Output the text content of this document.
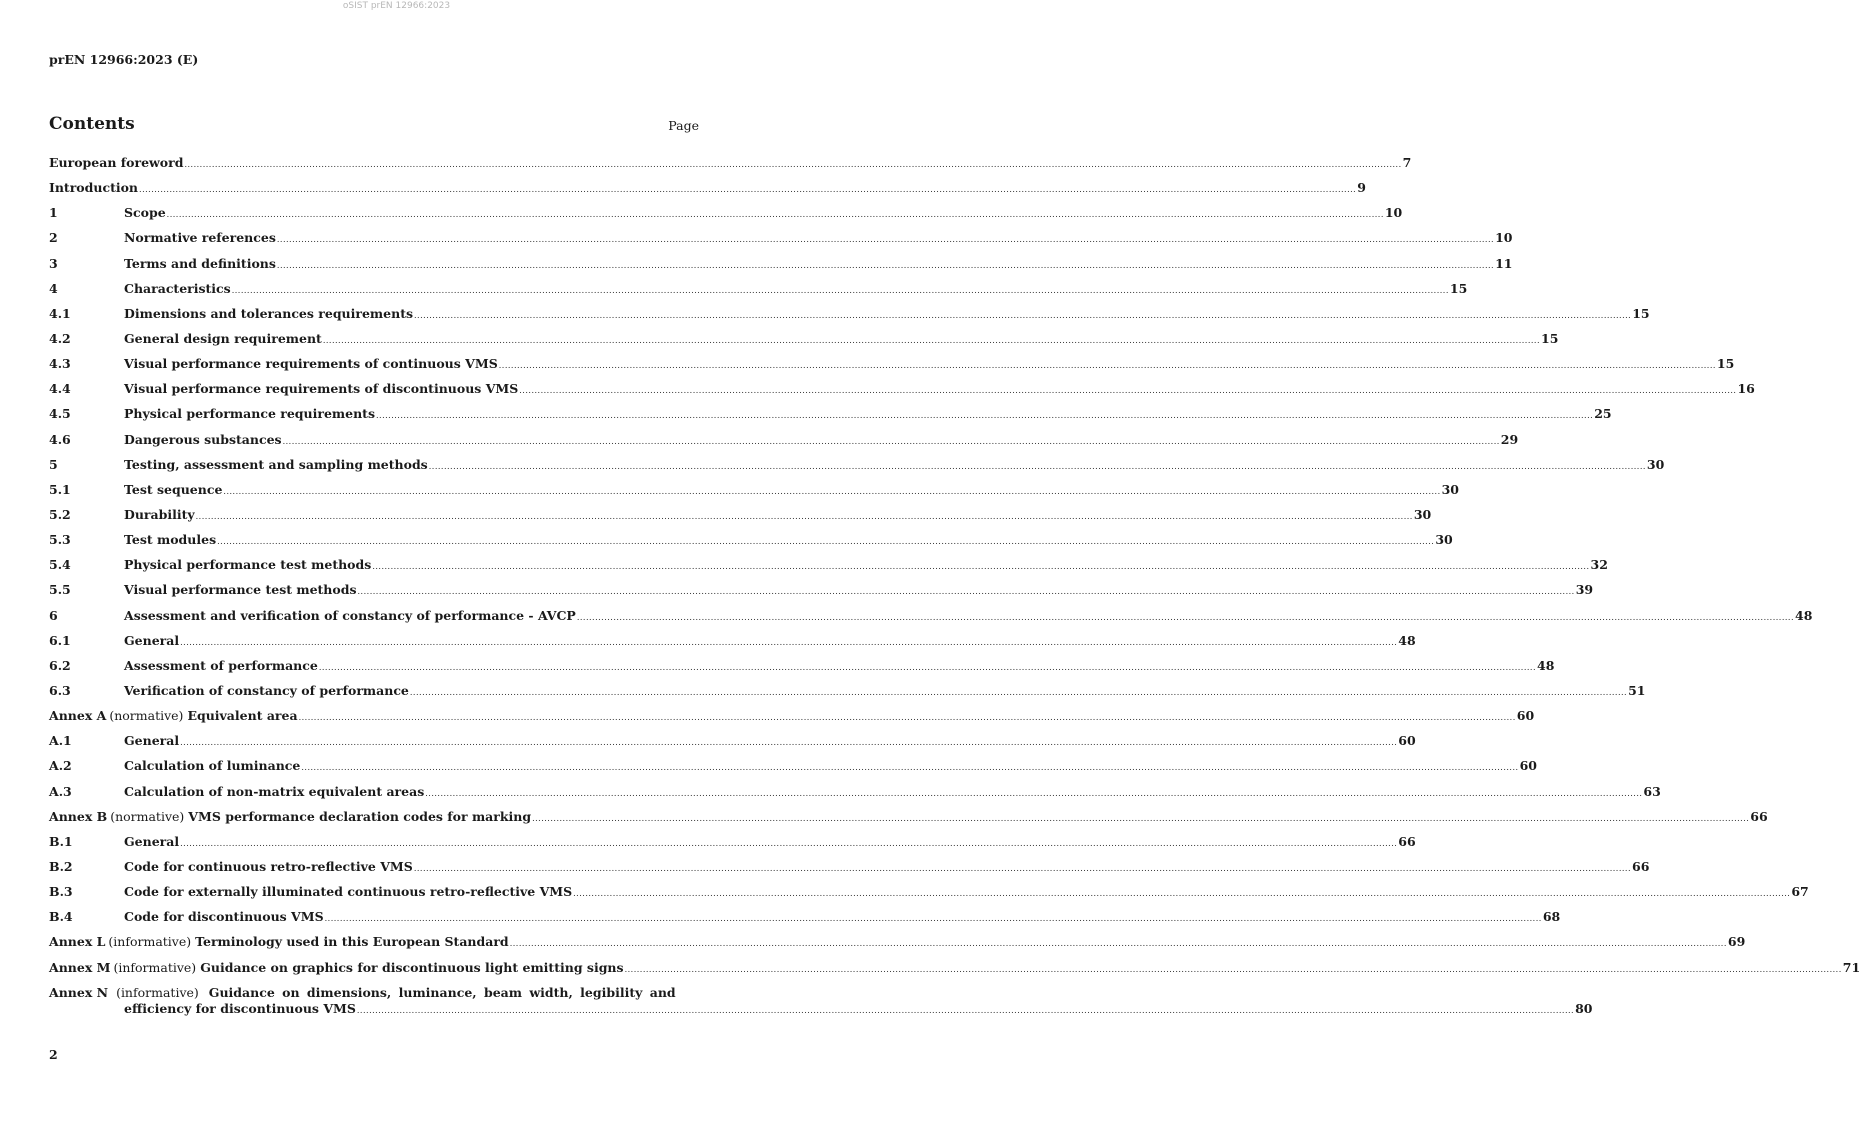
oSIST prEN 12966:2023
prEN 12966:2023 (E)
Contents	Page
European foreword ................................................................................................................................................................................................................................................................................................................................................................................................................ 7
Introduction ................................................................................................................................................................................................................................................................................................................................................................................................................ 9
1	Scope ................................................................................................................................................................................................................................................................................................................................................................................................................ 10
2	Normative references ................................................................................................................................................................................................................................................................................................................................................................................................................ 10
3	Terms and definitions ................................................................................................................................................................................................................................................................................................................................................................................................................ 11
4	Characteristics ................................................................................................................................................................................................................................................................................................................................................................................................................ 15
4.1	Dimensions and tolerances requirements ................................................................................................................................................................................................................................................................................................................................................................................................................ 15
4.2	General design requirement ................................................................................................................................................................................................................................................................................................................................................................................................................ 15
4.3	Visual performance requirements of continuous VMS ................................................................................................................................................................................................................................................................................................................................................................................................................ 15
4.4	Visual performance requirements of discontinuous VMS ................................................................................................................................................................................................................................................................................................................................................................................................................ 16
4.5	Physical performance requirements ................................................................................................................................................................................................................................................................................................................................................................................................................ 25
4.6	Dangerous substances ................................................................................................................................................................................................................................................................................................................................................................................................................ 29
5	Testing, assessment and sampling methods ................................................................................................................................................................................................................................................................................................................................................................................................................ 30
5.1	Test sequence ................................................................................................................................................................................................................................................................................................................................................................................................................ 30
5.2	Durability ................................................................................................................................................................................................................................................................................................................................................................................................................ 30
5.3	Test modules ................................................................................................................................................................................................................................................................................................................................................................................................................ 30
5.4	Physical performance test methods ................................................................................................................................................................................................................................................................................................................................................................................................................ 32
5.5	Visual performance test methods ................................................................................................................................................................................................................................................................................................................................................................................................................ 39
6	Assessment and verification of constancy of performance - AVCP ................................................................................................................................................................................................................................................................................................................................................................................................................ 48
6.1	General ................................................................................................................................................................................................................................................................................................................................................................................................................ 48
6.2	Assessment of performance ................................................................................................................................................................................................................................................................................................................................................................................................................ 48
6.3	Verification of constancy of performance ................................................................................................................................................................................................................................................................................................................................................................................................................ 51
Annex A (normative) Equivalent area ................................................................................................................................................................................................................................................................................................................................................................................................................ 60
A.1	General ................................................................................................................................................................................................................................................................................................................................................................................................................ 60
A.2	Calculation of luminance ................................................................................................................................................................................................................................................................................................................................................................................................................ 60
A.3	Calculation of non-matrix equivalent areas ................................................................................................................................................................................................................................................................................................................................................................................................................ 63
Annex B (normative) VMS performance declaration codes for marking ................................................................................................................................................................................................................................................................................................................................................................................................................ 66
B.1	General ................................................................................................................................................................................................................................................................................................................................................................................................................ 66
B.2	Code for continuous retro-reflective VMS ................................................................................................................................................................................................................................................................................................................................................................................................................ 66
B.3	Code for externally illuminated continuous retro-reflective VMS ................................................................................................................................................................................................................................................................................................................................................................................................................ 67
B.4	Code for discontinuous VMS ................................................................................................................................................................................................................................................................................................................................................................................................................ 68
Annex L (informative) Terminology used in this European Standard ................................................................................................................................................................................................................................................................................................................................................................................................................ 69
Annex M (informative) Guidance on graphics for discontinuous light emitting signs ................................................................................................................................................................................................................................................................................................................................................................................................................ 71
Annex N (informative) Guidance on dimensions, luminance, beam width, legibility and
efficiency for discontinuous VMS ................................................................................................................................................................................................................................................................................................................................................................................................................ 80
2
